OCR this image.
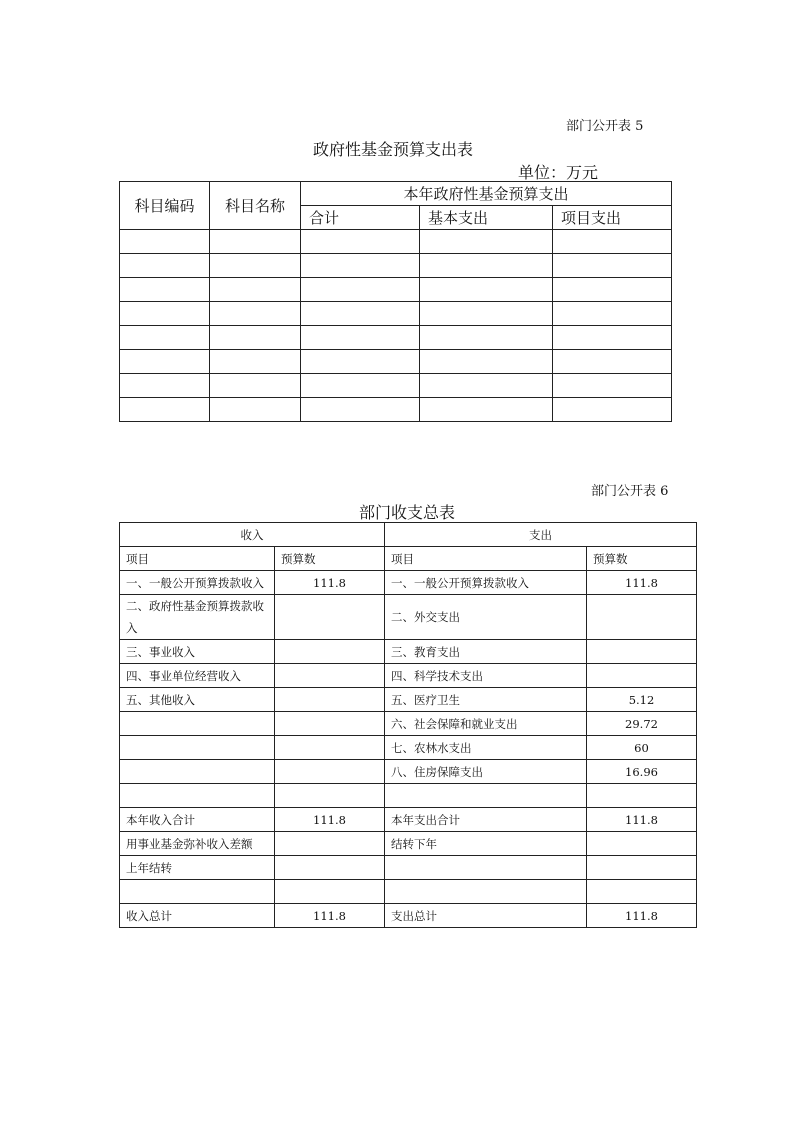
部门公开表 5
政府性基金预算支出表
单位：万元
科目编码	科目名称	本年政府性基金预算支出		
		合计	基本支出	项目支出

部门公开表 6
部门收支总表
收入		支出	
项目	预算数	项目	预算数
一、一般公开预算拨款收入	111.8	一、一般公开预算拨款收入	111.8
二、政府性基金预算拨款收入		二、外交支出	
三、事业收入		三、教育支出	
四、事业单位经营收入		四、科学技术支出	
五、其他收入		五、医疗卫生	5.12
		六、社会保障和就业支出	29.72
		七、农林水支出	60
		八、住房保障支出	16.96

本年收入合计	111.8	本年支出合计	111.8
用事业基金弥补收入差额		结转下年	
上年结转			

收入总计	111.8	支出总计	111.8
